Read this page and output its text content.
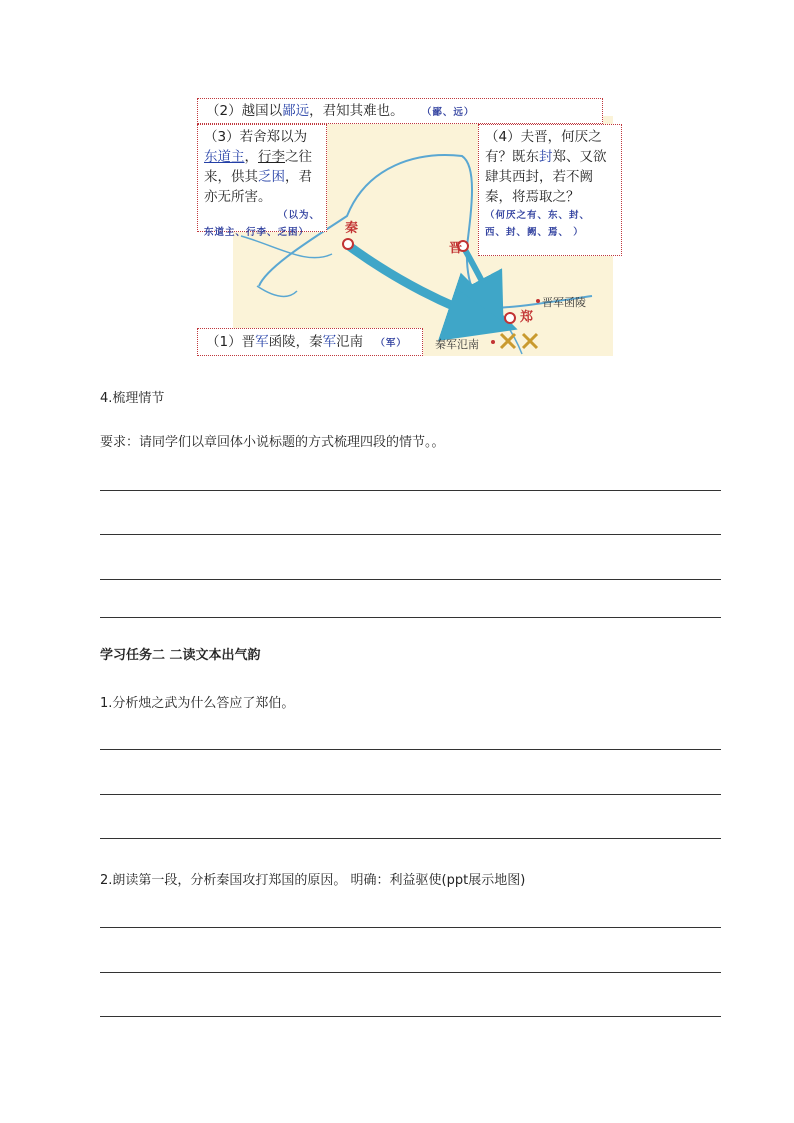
秦
晋
郑
晋军函陵
秦军氾南
（2）越国以鄙远，君知其难也。 （鄙、远）
（3）若舍郑以为
东道主，行李之往
来，供其乏困，君
亦无所害。
（以为、
东道主、行李、乏困）
（4）夫晋，何厌之
有？既东封郑、又欲
肆其西封，若不阙
秦，将焉取之？
（何厌之有、东、封、
西、封、阙、焉、 ）
（1）晋军函陵，秦军氾南 （军）
4.梳理情节
要求：请同学们以章回体小说标题的方式梳理四段的情节。。
学习任务二 二读文本出气韵
1.分析烛之武为什么答应了郑伯。
2.朗读第一段，分析秦国攻打郑国的原因。 明确：利益驱使(ppt展示地图)
